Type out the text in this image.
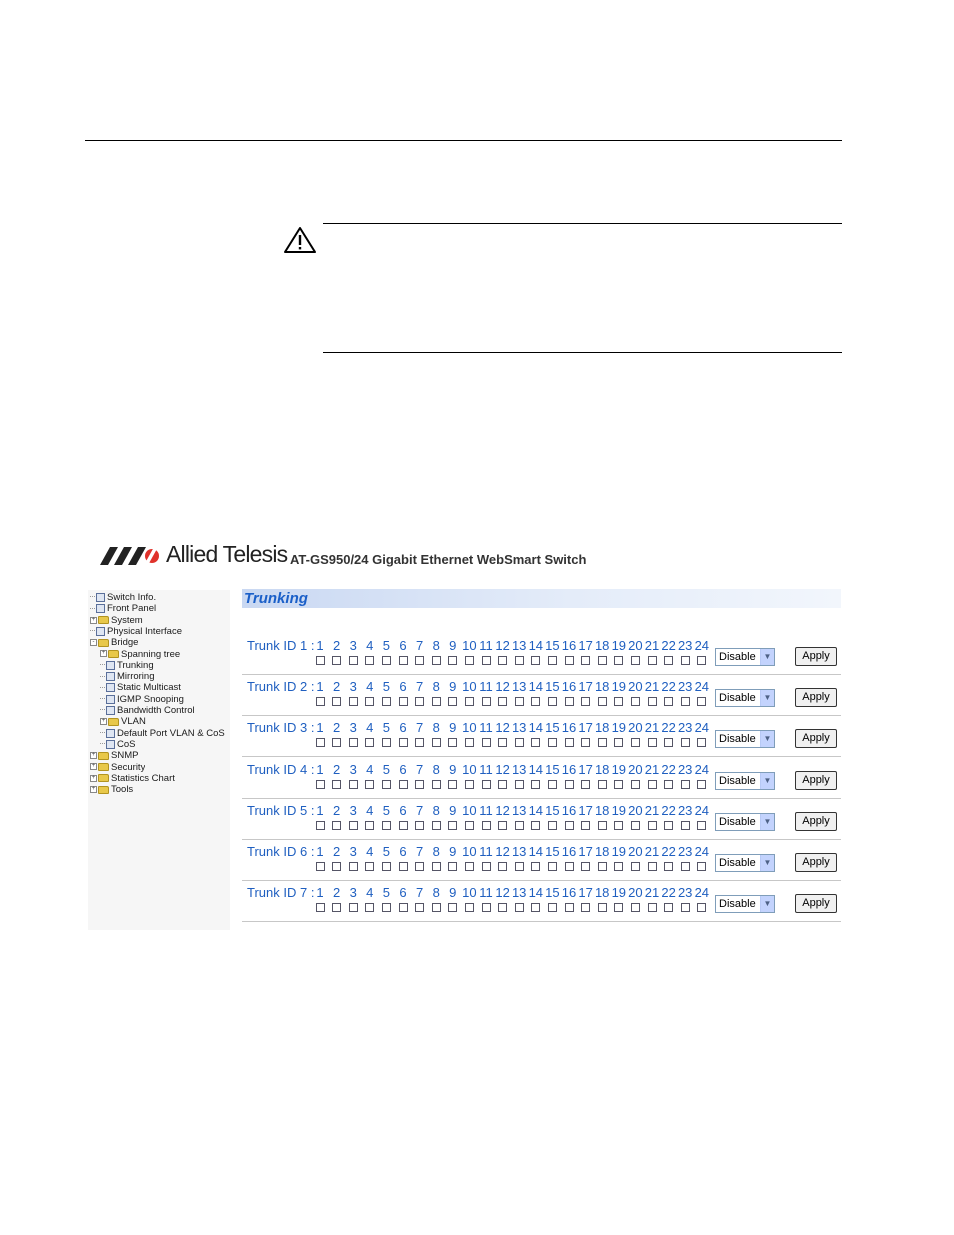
Allied Telesis AT-GS950/24 Gigabit Ethernet WebSmart Switch
Switch Info.
Front Panel
+ System
Physical Interface
- Bridge
+ Spanning tree
Trunking
Mirroring
Static Multicast
IGMP Snooping
Bandwidth Control
+ VLAN
Default Port VLAN & CoS
CoS
+ SNMP
+ Security
+ Statistics Chart
+ Tools
Trunking
Trunk ID 1 : 1 2 3 4 5 6 7 8 9 10 11 12 13 14 15 16 17 18 19 20 21 22 23 24
Disable ▼	Apply
Trunk ID 2 : 1 2 3 4 5 6 7 8 9 10 11 12 13 14 15 16 17 18 19 20 21 22 23 24
Disable ▼	Apply
Trunk ID 3 : 1 2 3 4 5 6 7 8 9 10 11 12 13 14 15 16 17 18 19 20 21 22 23 24
Disable ▼	Apply
Trunk ID 4 : 1 2 3 4 5 6 7 8 9 10 11 12 13 14 15 16 17 18 19 20 21 22 23 24
Disable ▼	Apply
Trunk ID 5 : 1 2 3 4 5 6 7 8 9 10 11 12 13 14 15 16 17 18 19 20 21 22 23 24
Disable ▼	Apply
Trunk ID 6 : 1 2 3 4 5 6 7 8 9 10 11 12 13 14 15 16 17 18 19 20 21 22 23 24
Disable ▼	Apply
Trunk ID 7 : 1 2 3 4 5 6 7 8 9 10 11 12 13 14 15 16 17 18 19 20 21 22 23 24
Disable ▼	Apply
